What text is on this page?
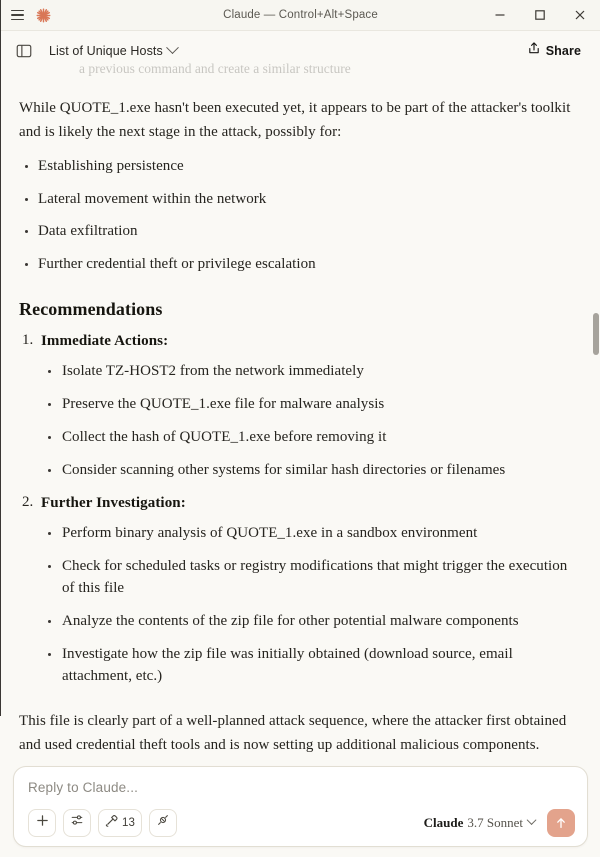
Claude — Control+Alt+Space
List of Unique Hosts	Share
a previous command and create a similar structure

While QUOTE_1.exe hasn't been executed yet, it appears to be part of the attacker's toolkit and is likely the next stage in the attack, possibly for:

Establishing persistence
Lateral movement within the network
Data exfiltration
Further credential theft or privilege escalation
Recommendations
Immediate Actions:
Isolate TZ-HOST2 from the network immediately
Preserve the QUOTE_1.exe file for malware analysis
Collect the hash of QUOTE_1.exe before removing it
Consider scanning other systems for similar hash directories or filenames
Further Investigation:
Perform binary analysis of QUOTE_1.exe in a sandbox environment
Check for scheduled tasks or registry modifications that might trigger the execution of this file
Analyze the contents of the zip file for other potential malware components
Investigate how the zip file was initially obtained (download source, email attachment, etc.)

This file is clearly part of a well-planned attack sequence, where the attacker first obtained and used credential theft tools and is now setting up additional malicious components.

Reply to Claude...
13	Claude 3.7 Sonnet
